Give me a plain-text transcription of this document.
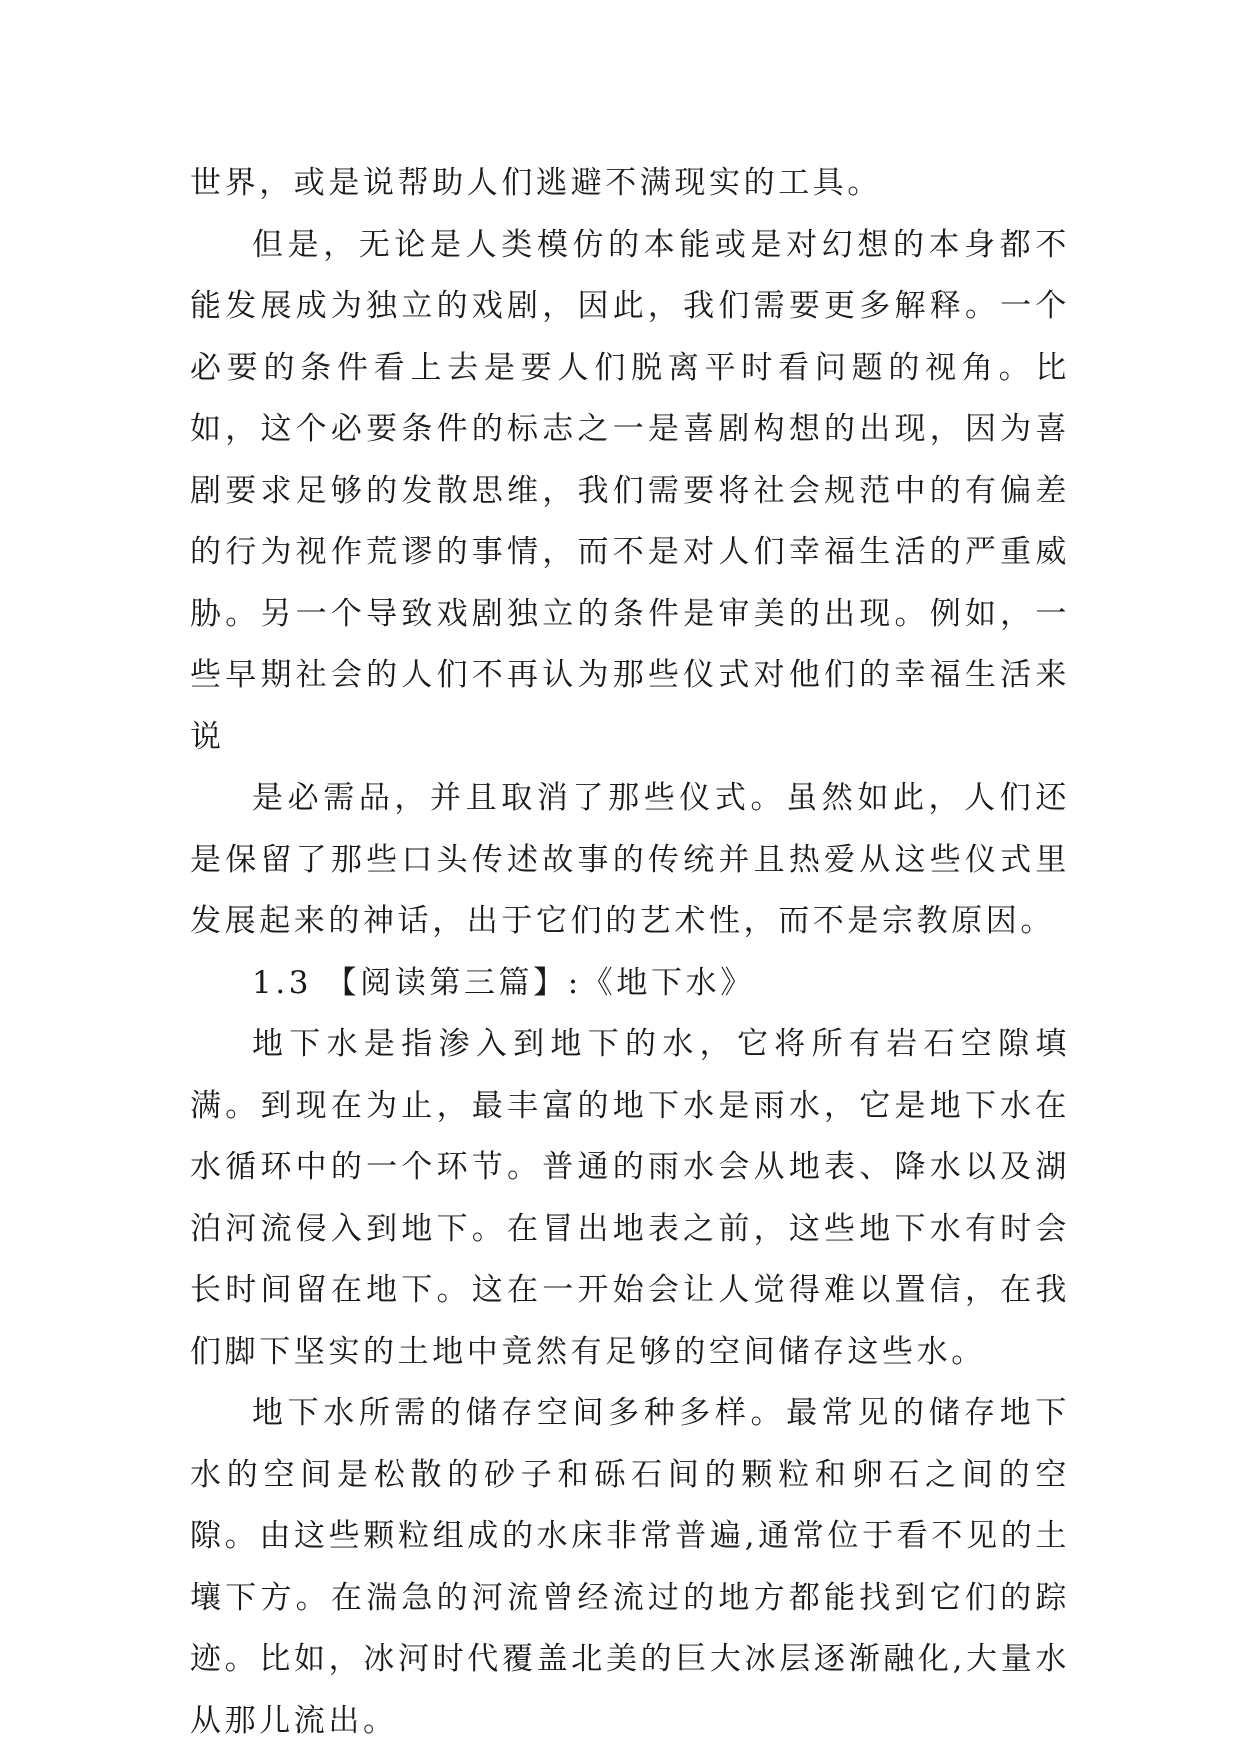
世界，或是说帮助人们逃避不满现实的工具。

但是，无论是人类模仿的本能或是对幻想的本身都不能发展成为独立的戏剧，因此，我们需要更多解释。一个必要的条件看上去是要人们脱离平时看问题的视角。比如，这个必要条件的标志之一是喜剧构想的出现，因为喜剧要求足够的发散思维，我们需要将社会规范中的有偏差的行为视作荒谬的事情，而不是对人们幸福生活的严重威胁。另一个导致戏剧独立的条件是审美的出现。例如，一些早期社会的人们不再认为那些仪式对他们的幸福生活来说

是必需品，并且取消了那些仪式。虽然如此，人们还是保留了那些口头传述故事的传统并且热爱从这些仪式里发展起来的神话，出于它们的艺术性，而不是宗教原因。

1.3 【阅读第三篇】:《地下水》

地下水是指渗入到地下的水，它将所有岩石空隙填满。到现在为止，最丰富的地下水是雨水，它是地下水在水循环中的一个环节。普通的雨水会从地表、降水以及湖泊河流侵入到地下。在冒出地表之前，这些地下水有时会长时间留在地下。这在一开始会让人觉得难以置信，在我们脚下坚实的土地中竟然有足够的空间储存这些水。

地下水所需的储存空间多种多样。最常见的储存地下水的空间是松散的砂子和砾石间的颗粒和卵石之间的空隙。由这些颗粒组成的水床非常普遍,通常位于看不见的土壤下方。在湍急的河流曾经流过的地方都能找到它们的踪迹。比如，冰河时代覆盖北美的巨大冰层逐渐融化,大量水从那儿流出。
